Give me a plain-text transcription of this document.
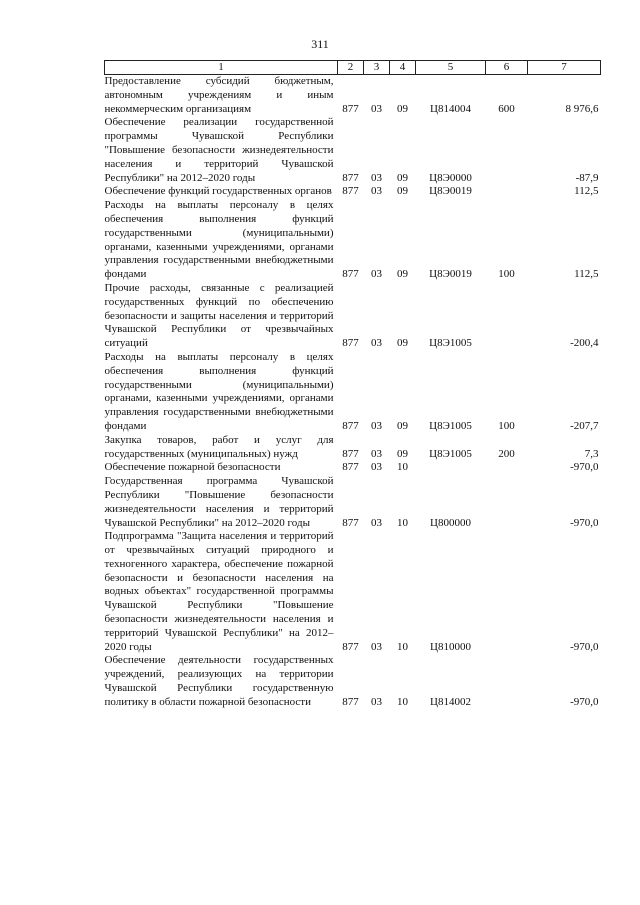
311
1	2	3	4	5	6	7
Предоставление субсидий бюджетным, автономным учреждениям и иным некоммерческим организациям	877	03	09	Ц814004	600	8 976,6
Обеспечение реализации государственной программы Чувашской Республики "Повышение безопасности жизнедеятельности населения и территорий Чувашской Республики" на 2012–2020 годы	877	03	09	Ц8Э0000		-87,9
Обеспечение функций государственных органов	877	03	09	Ц8Э0019		112,5
Расходы на выплаты персоналу в целях обеспечения выполнения функций государственными (муниципальными) органами, казенными учреждениями, органами управления государственными внебюджетными фондами	877	03	09	Ц8Э0019	100	112,5
Прочие расходы, связанные с реализацией государственных функций по обеспечению безопасности и защиты населения и территорий Чувашской Республики от чрезвычайных ситуаций	877	03	09	Ц8Э1005		-200,4
Расходы на выплаты персоналу в целях обеспечения выполнения функций государственными (муниципальными) органами, казенными учреждениями, органами управления государственными внебюджетными фондами	877	03	09	Ц8Э1005	100	-207,7
Закупка товаров, работ и услуг для государственных (муниципальных) нужд	877	03	09	Ц8Э1005	200	7,3
Обеспечение пожарной безопасности	877	03	10			-970,0
Государственная программа Чувашской Республики "Повышение безопасности жизнедеятельности населения и территорий Чувашской Республики" на 2012–2020 годы	877	03	10	Ц800000		-970,0
Подпрограмма "Защита населения и территорий от чрезвычайных ситуаций природного и техногенного характера, обеспечение пожарной безопасности и безопасности населения на водных объектах" государственной программы Чувашской Республики "Повышение безопасности жизнедеятельности населения и территорий Чувашской Республики" на 2012–2020 годы	877	03	10	Ц810000		-970,0
Обеспечение деятельности государственных учреждений, реализующих на территории Чувашской Республики государственную политику в области пожарной безопасности	877	03	10	Ц814002		-970,0
